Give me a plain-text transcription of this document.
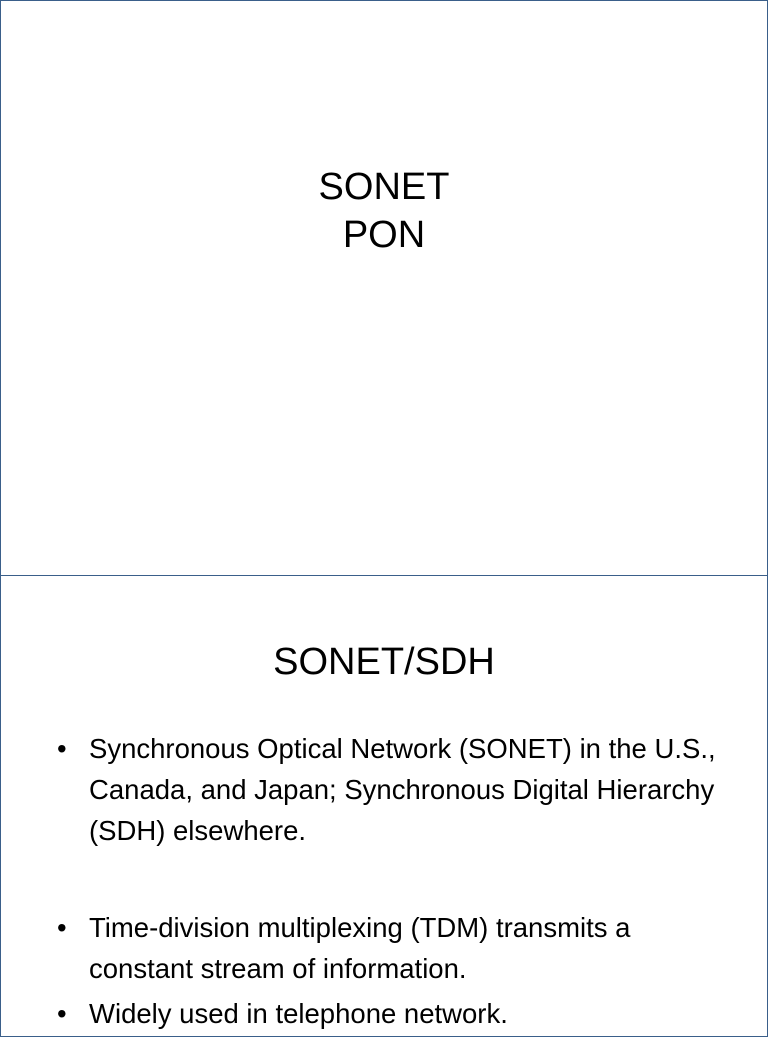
SONET
PON
SONET/SDH
• Synchronous Optical Network (SONET) in the U.S., Canada, and Japan; Synchronous Digital Hierarchy (SDH) elsewhere.
• Time-division multiplexing (TDM) transmits a constant stream of information.
• Widely used in telephone network.
